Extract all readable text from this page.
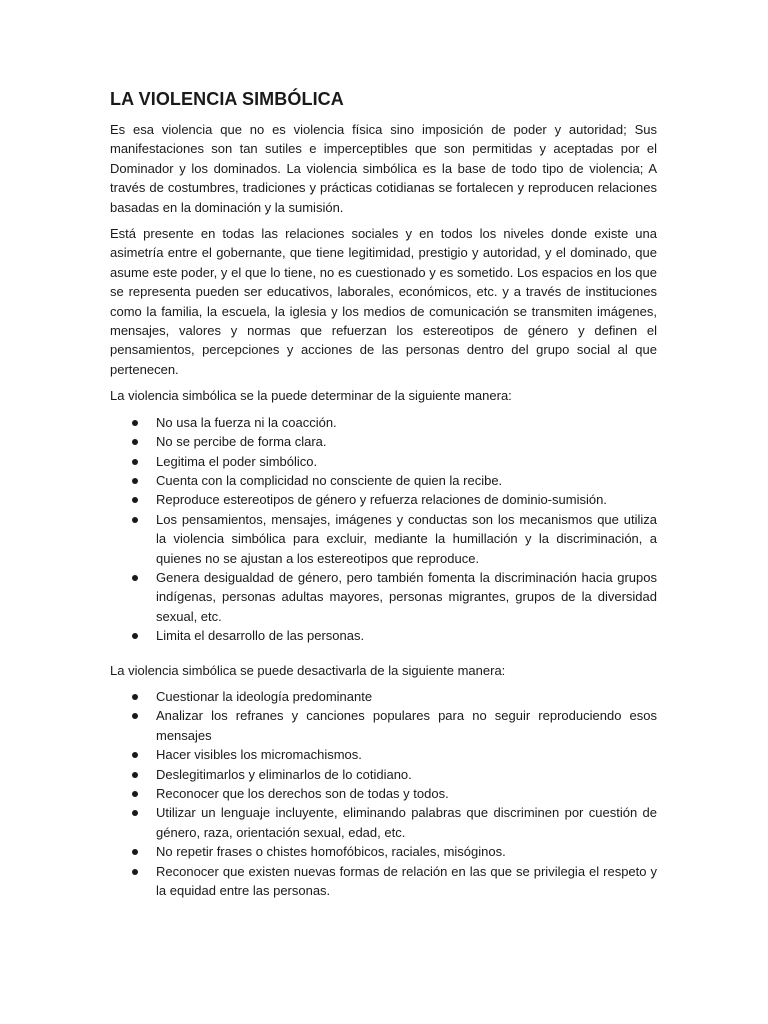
LA VIOLENCIA SIMBÓLICA

Es esa violencia que no es violencia física sino imposición de poder y autoridad; Sus manifestaciones son tan sutiles e imperceptibles que son permitidas y aceptadas por el Dominador y los dominados. La violencia simbólica es la base de todo tipo de violencia; A través de costumbres, tradiciones y prácticas cotidianas se fortalecen y reproducen relaciones basadas en la dominación y la sumisión.

Está presente en todas las relaciones sociales y en todos los niveles donde existe una asimetría entre el gobernante, que tiene legitimidad, prestigio y autoridad, y el dominado, que asume este poder, y el que lo tiene, no es cuestionado y es sometido. Los espacios en los que se representa pueden ser educativos, laborales, económicos, etc. y a través de instituciones como la familia, la escuela, la iglesia y los medios de comunicación se transmiten imágenes, mensajes, valores y normas que refuerzan los estereotipos de género y definen el pensamientos, percepciones y acciones de las personas dentro del grupo social al que pertenecen.

La violencia simbólica se la puede determinar de la siguiente manera:

No usa la fuerza ni la coacción.
No se percibe de forma clara.
Legitima el poder simbólico.
Cuenta con la complicidad no consciente de quien la recibe.
Reproduce estereotipos de género y refuerza relaciones de dominio-sumisión.
Los pensamientos, mensajes, imágenes y conductas son los mecanismos que utiliza la violencia simbólica para excluir, mediante la humillación y la discriminación, a quienes no se ajustan a los estereotipos que reproduce.
Genera desigualdad de género, pero también fomenta la discriminación hacia grupos indígenas, personas adultas mayores, personas migrantes, grupos de la diversidad sexual, etc.
Limita el desarrollo de las personas.

La violencia simbólica se puede desactivarla de la siguiente manera:

Cuestionar la ideología predominante
Analizar los refranes y canciones populares para no seguir reproduciendo esos mensajes
Hacer visibles los micromachismos.
Deslegitimarlos y eliminarlos de lo cotidiano.
Reconocer que los derechos son de todas y todos.
Utilizar un lenguaje incluyente, eliminando palabras que discriminen por cuestión de género, raza, orientación sexual, edad, etc.
No repetir frases o chistes homofóbicos, raciales, misóginos.
Reconocer que existen nuevas formas de relación en las que se privilegia el respeto y la equidad entre las personas.
